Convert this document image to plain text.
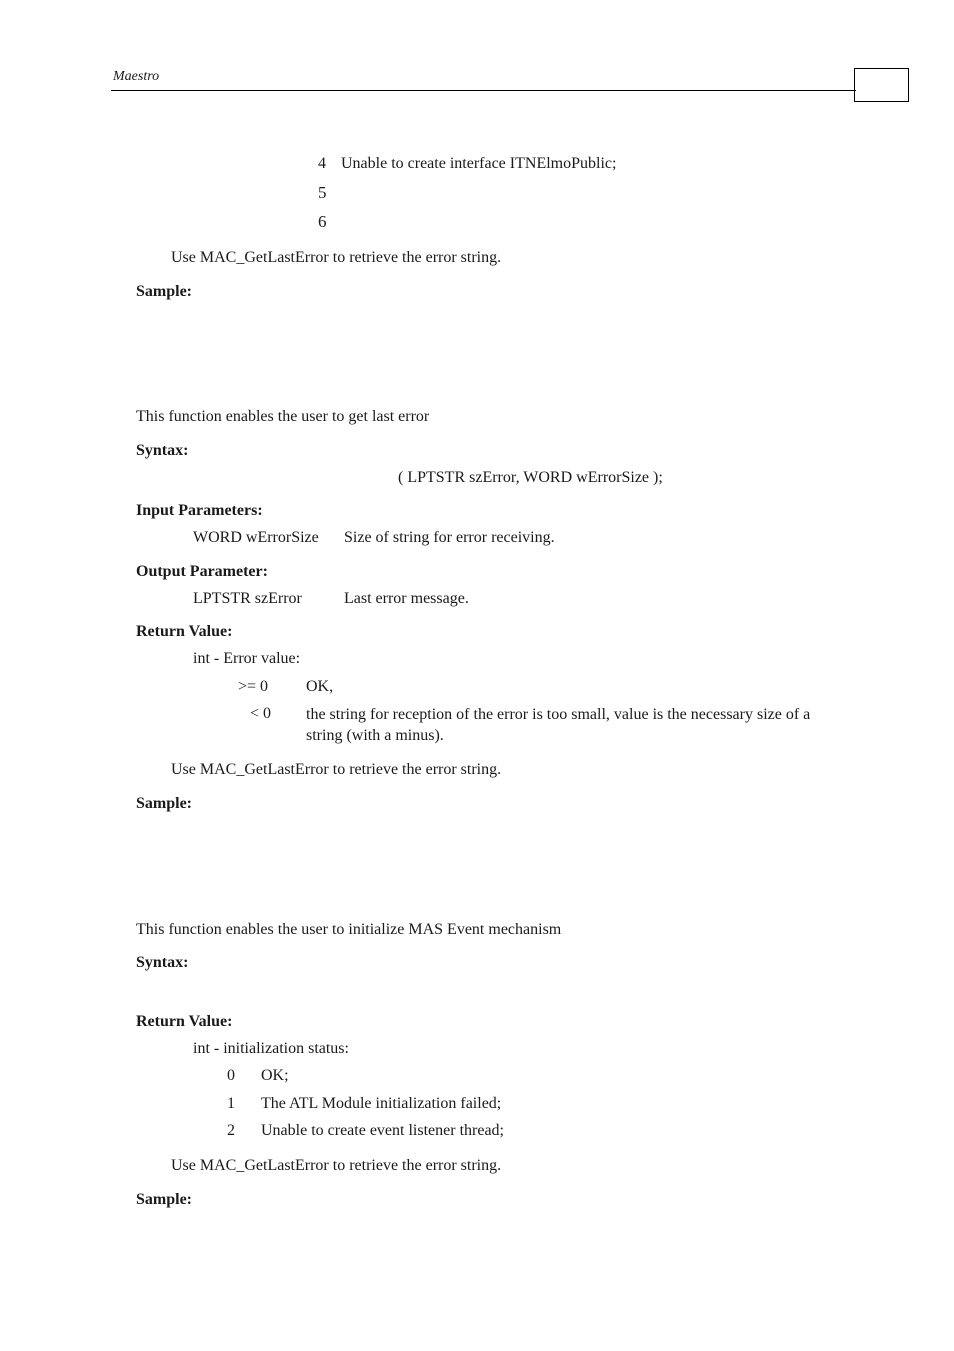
Maestro
4 Unable to create interface ITNElmoPublic;
5
6
Use MAC_GetLastError to retrieve the error string.
Sample:
This function enables the user to get last error
Syntax:
( LPTSTR szError, WORD wErrorSize );
Input Parameters:
WORD wErrorSize Size of string for error receiving.
Output Parameter:
LPTSTR szError	Last error message.
Return Value:
int - Error value:
>= 0 OK,
< 0 the string for reception of the error is too small, value is the necessary size of a string (with a minus).
Use MAC_GetLastError to retrieve the error string.
Sample:
This function enables the user to initialize MAS Event mechanism
Syntax:
Return Value:
int - initialization status:
0 OK;
1 The ATL Module initialization failed;
2 Unable to create event listener thread;
Use MAC_GetLastError to retrieve the error string.
Sample:
